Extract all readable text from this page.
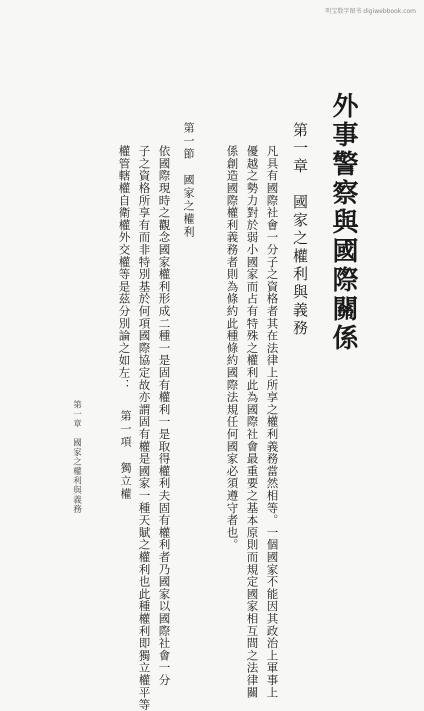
明宝数字图书 digiwebbook.com
外事警察與國際關係
第一章　國家之權利與義務
凡具有國際社會一分子之資格者其在法律上所享之權利義務當然相等。一個國家不能因其政治上軍事上
優越之勢力對於弱小國家而占有特殊之權利此為國際社會最重要之基本原則而規定國家相互間之法律關
係創造國際權利義務者則為條約此種條約國際法規任何國家必須遵守者也。
第一節　國家之權利
依國際現時之觀念國家權利形成二種一是固有權利一是取得權利夫固有權利者乃國家以國際社會一分
子之資格所享有而非特別基於何項國際協定故亦謂固有權是國家一種天賦之權利也此種權利即獨立權平等
權管轄權自衛權外交權等是茲分別論之如左：
第一項　獨立權
第一章　國家之權利與義務
